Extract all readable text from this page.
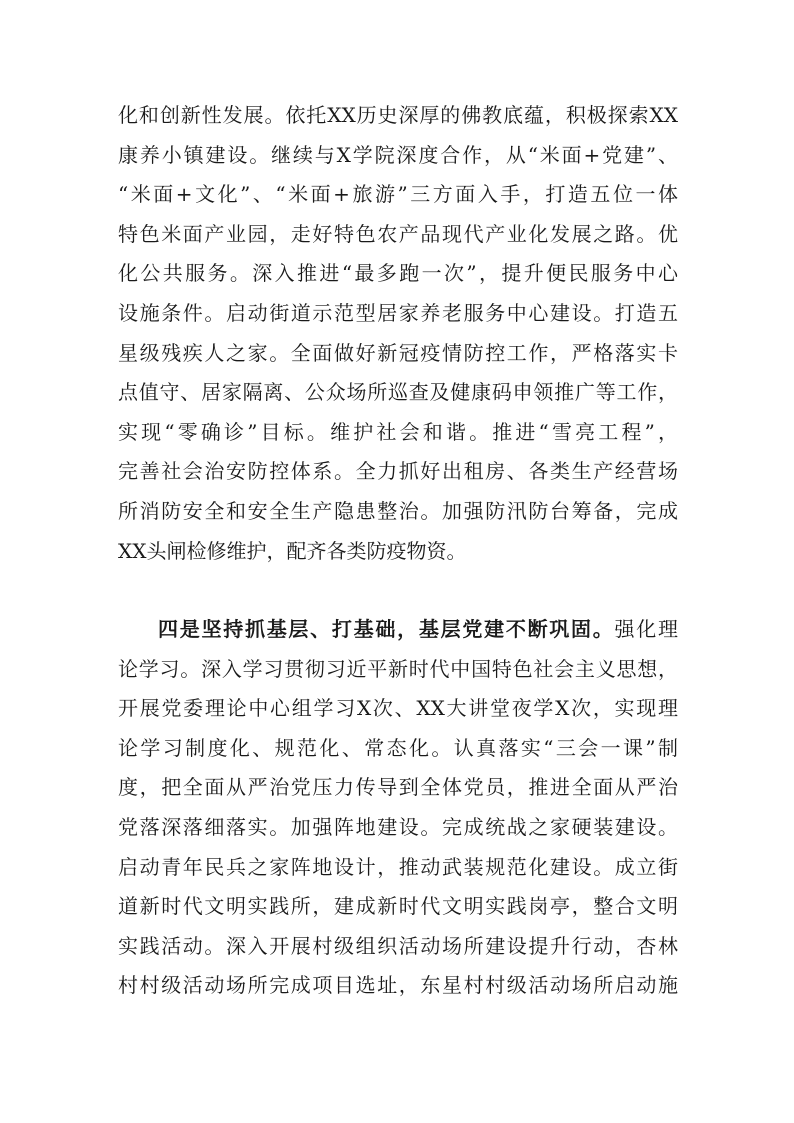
化和创新性发展。依托XX历史深厚的佛教底蕴，积极探索XX
康养小镇建设。继续与X学院深度合作，从“米面+党建”、
“米面+文化”、“米面+旅游”三方面入手，打造五位一体
特色米面产业园，走好特色农产品现代产业化发展之路。优
化公共服务。深入推进“最多跑一次”，提升便民服务中心
设施条件。启动街道示范型居家养老服务中心建设。打造五
星级残疾人之家。全面做好新冠疫情防控工作，严格落实卡
点值守、居家隔离、公众场所巡查及健康码申领推广等工作，
实现“零确诊”目标。维护社会和谐。推进“雪亮工程”，
完善社会治安防控体系。全力抓好出租房、各类生产经营场
所消防安全和安全生产隐患整治。加强防汛防台筹备，完成
XX头闸检修维护，配齐各类防疫物资。
四是坚持抓基层、打基础，基层党建不断巩固。强化理
论学习。深入学习贯彻习近平新时代中国特色社会主义思想，
开展党委理论中心组学习X次、XX大讲堂夜学X次，实现理
论学习制度化、规范化、常态化。认真落实“三会一课”制
度，把全面从严治党压力传导到全体党员，推进全面从严治
党落深落细落实。加强阵地建设。完成统战之家硬装建设。
启动青年民兵之家阵地设计，推动武装规范化建设。成立街
道新时代文明实践所，建成新时代文明实践岗亭，整合文明
实践活动。深入开展村级组织活动场所建设提升行动，杏林
村村级活动场所完成项目选址，东星村村级活动场所启动施
